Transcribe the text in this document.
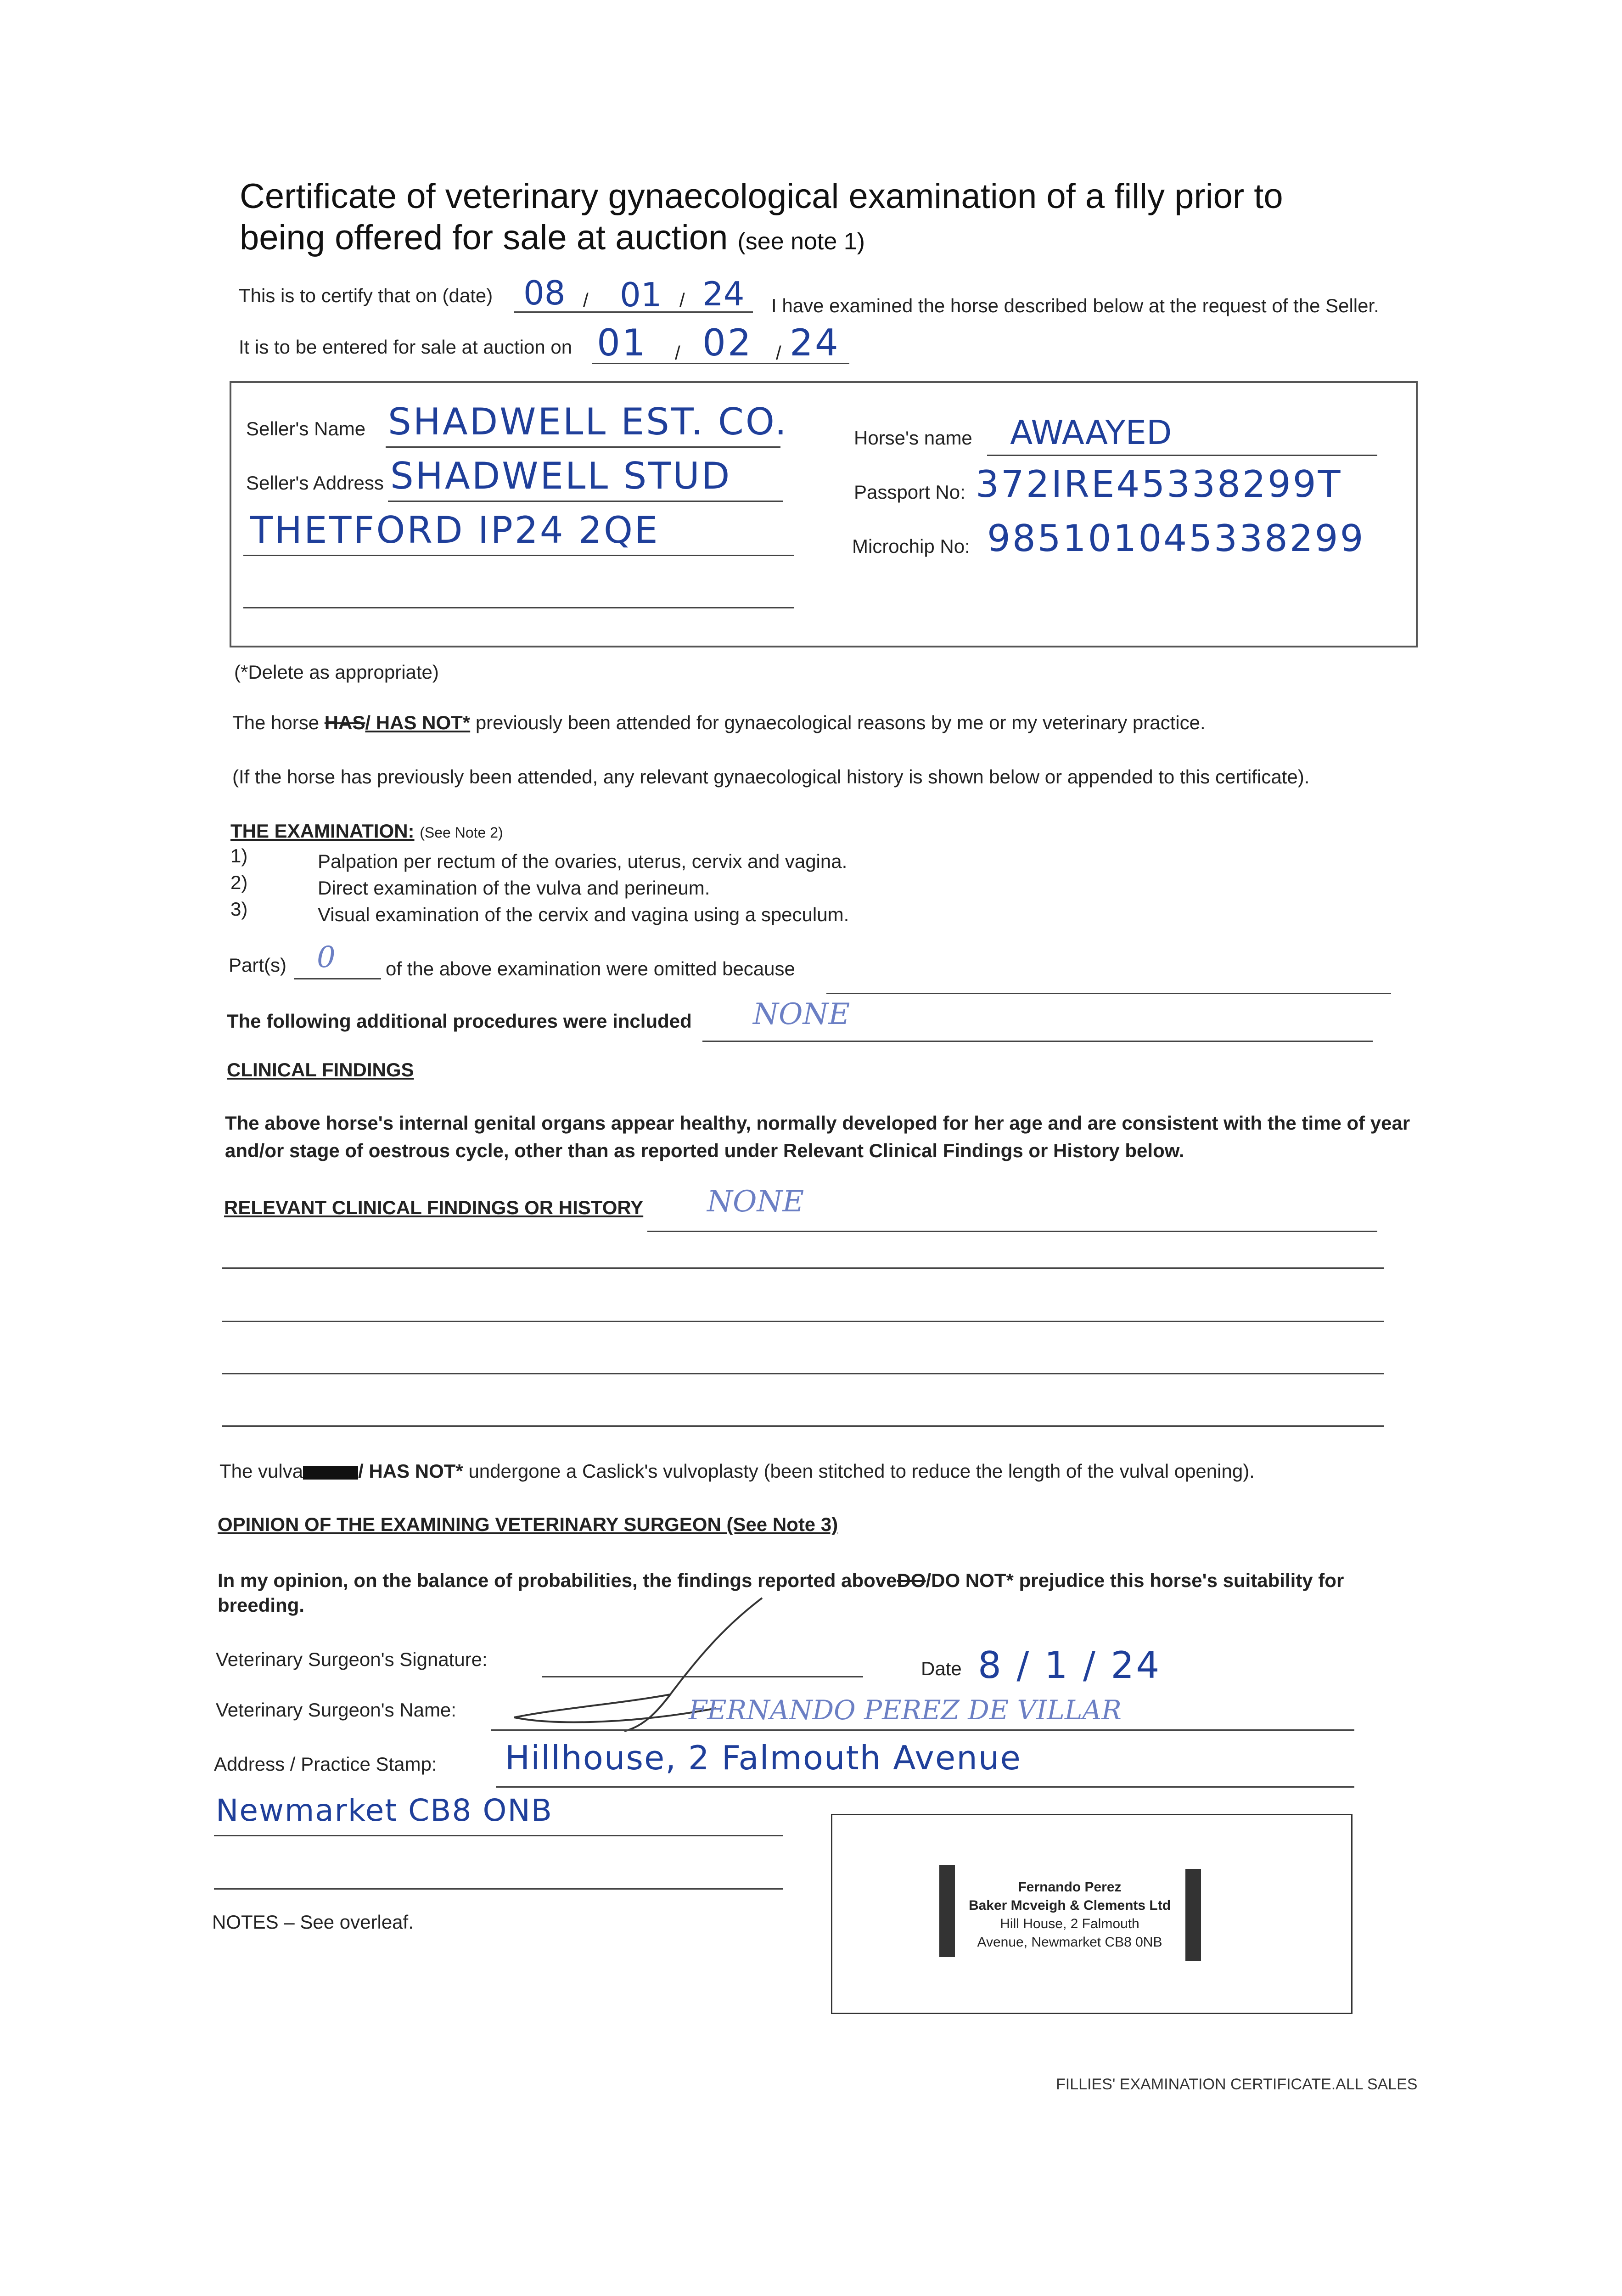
Certificate of veterinary gynaecological examination of a filly prior to
being offered for sale at auction (see note 1)
This is to certify that on (date) 08 / 01 / 24 I have examined the horse described below at the request of the Seller.
It is to be entered for sale at auction on 01 / 02 / 24
Seller's Name SHADWELL EST. CO.
Seller's Address SHADWELL STUD
THETFORD IP24 2QE
Horse's name AWAAYED
Passport No: 372IRE45338299T
Microchip No: 985101045338299
(*Delete as appropriate)
The horse HAS/ HAS NOT* previously been attended for gynaecological reasons by me or my veterinary practice.
(If the horse has previously been attended, any relevant gynaecological history is shown below or appended to this certificate).
THE EXAMINATION: (See Note 2)
1)	Palpation per rectum of the ovaries, uterus, cervix and vagina.
2)	Direct examination of the vulva and perineum.
3)	Visual examination of the cervix and vagina using a speculum.
Part(s) 0	of the above examination were omitted because
The following additional procedures were included NONE
CLINICAL FINDINGS
The above horse's internal genital organs appear healthy, normally developed for her age and are consistent with the time of year
and/or stage of oestrous cycle, other than as reported under Relevant Clinical Findings or History below.
RELEVANT CLINICAL FINDINGS OR HISTORY NONE
The vulva	/ HAS NOT* undergone a Caslick's vulvoplasty (been stitched to reduce the length of the vulval opening).
OPINION OF THE EXAMINING VETERINARY SURGEON (See Note 3)
In my opinion, on the balance of probabilities, the findings reported aboveDO/DO NOT* prejudice this horse's suitability for
breeding.
Veterinary Surgeon's Signature:	Date 8 / 1 / 24
Veterinary Surgeon's Name:	FERNANDO PEREZ DE VILLAR
Address / Practice Stamp: Hillhouse, 2 Falmouth Avenue
Newmarket CB8 ONB
NOTES – See overleaf.
Fernando Perez
Baker Mcveigh & Clements Ltd
Hill House, 2 Falmouth
Avenue, Newmarket CB8 0NB
FILLIES' EXAMINATION CERTIFICATE.ALL SALES
